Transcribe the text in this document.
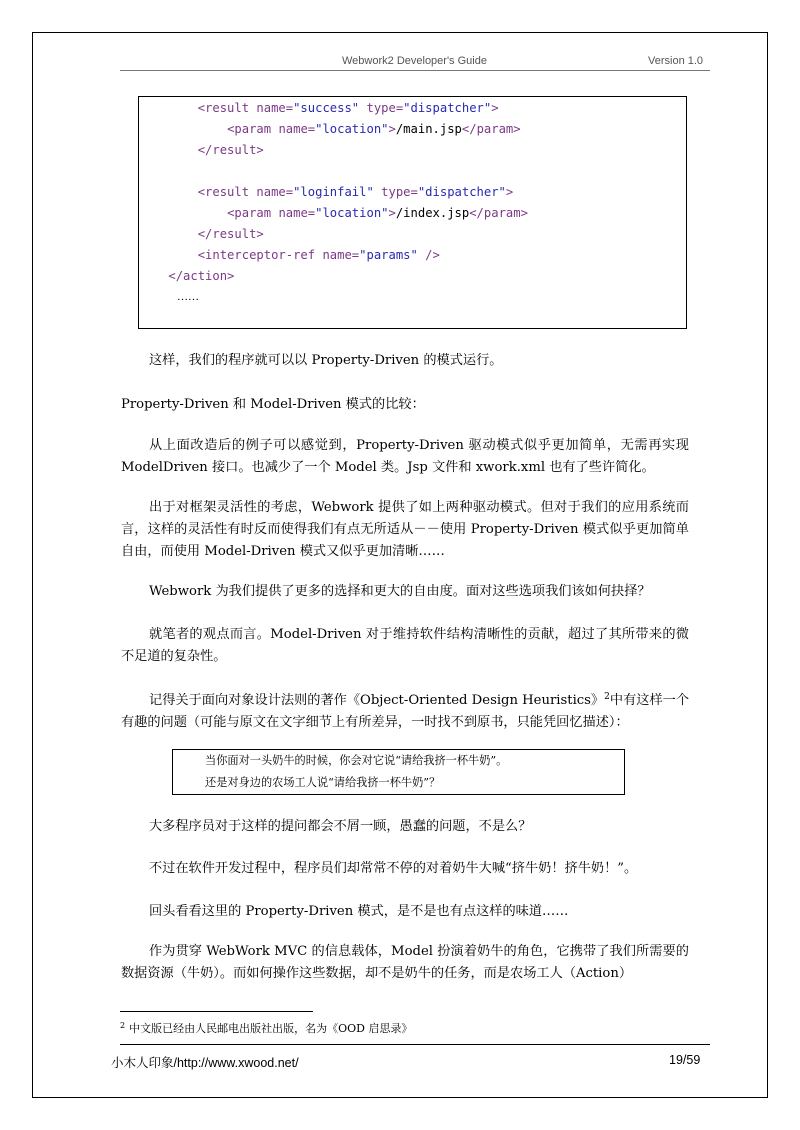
Webwork2 Developer's Guide	Version 1.0
<result name="success" type="dispatcher">
<param name="location">/main.jsp</param>
</result>
<result name="loginfail" type="dispatcher">
<param name="location">/index.jsp</param>
</result>
<interceptor-ref name="params" />
</action>
……

这样，我们的程序就可以以 Property-Driven 的模式运行。

Property-Driven 和 Model-Driven 模式的比较：

从上面改造后的例子可以感觉到，Property-Driven 驱动模式似乎更加简单，无需再实现 ModelDriven 接口。也减少了一个 Model 类。Jsp 文件和 xwork.xml 也有了些许简化。

出于对框架灵活性的考虑，Webwork 提供了如上两种驱动模式。但对于我们的应用系统而言，这样的灵活性有时反而使得我们有点无所适从－－使用 Property-Driven 模式似乎更加简单自由，而使用 Model-Driven 模式又似乎更加清晰……

Webwork 为我们提供了更多的选择和更大的自由度。面对这些选项我们该如何抉择？

就笔者的观点而言。Model-Driven 对于维持软件结构清晰性的贡献，超过了其所带来的微不足道的复杂性。

记得关于面向对象设计法则的著作《Object-Oriented Design Heuristics》$^2$中有这样一个有趣的问题（可能与原文在文字细节上有所差异，一时找不到原书，只能凭回忆描述）：

当你面对一头奶牛的时候，你会对它说“请给我挤一杯牛奶”。
还是对身边的农场工人说“请给我挤一杯牛奶”？

大多程序员对于这样的提问都会不屑一顾，愚蠢的问题，不是么？

不过在软件开发过程中，程序员们却常常不停的对着奶牛大喊“挤牛奶！挤牛奶！”。

回头看看这里的 Property-Driven 模式，是不是也有点这样的味道……

作为贯穿 WebWork MVC 的信息载体，Model 扮演着奶牛的角色，它携带了我们所需要的数据资源（牛奶）。而如何操作这些数据，却不是奶牛的任务，而是农场工人（Action）

$^2$ 中文版已经由人民邮电出版社出版，名为《OOD 启思录》
小木人印象/http://www.xwood.net/	19/59
